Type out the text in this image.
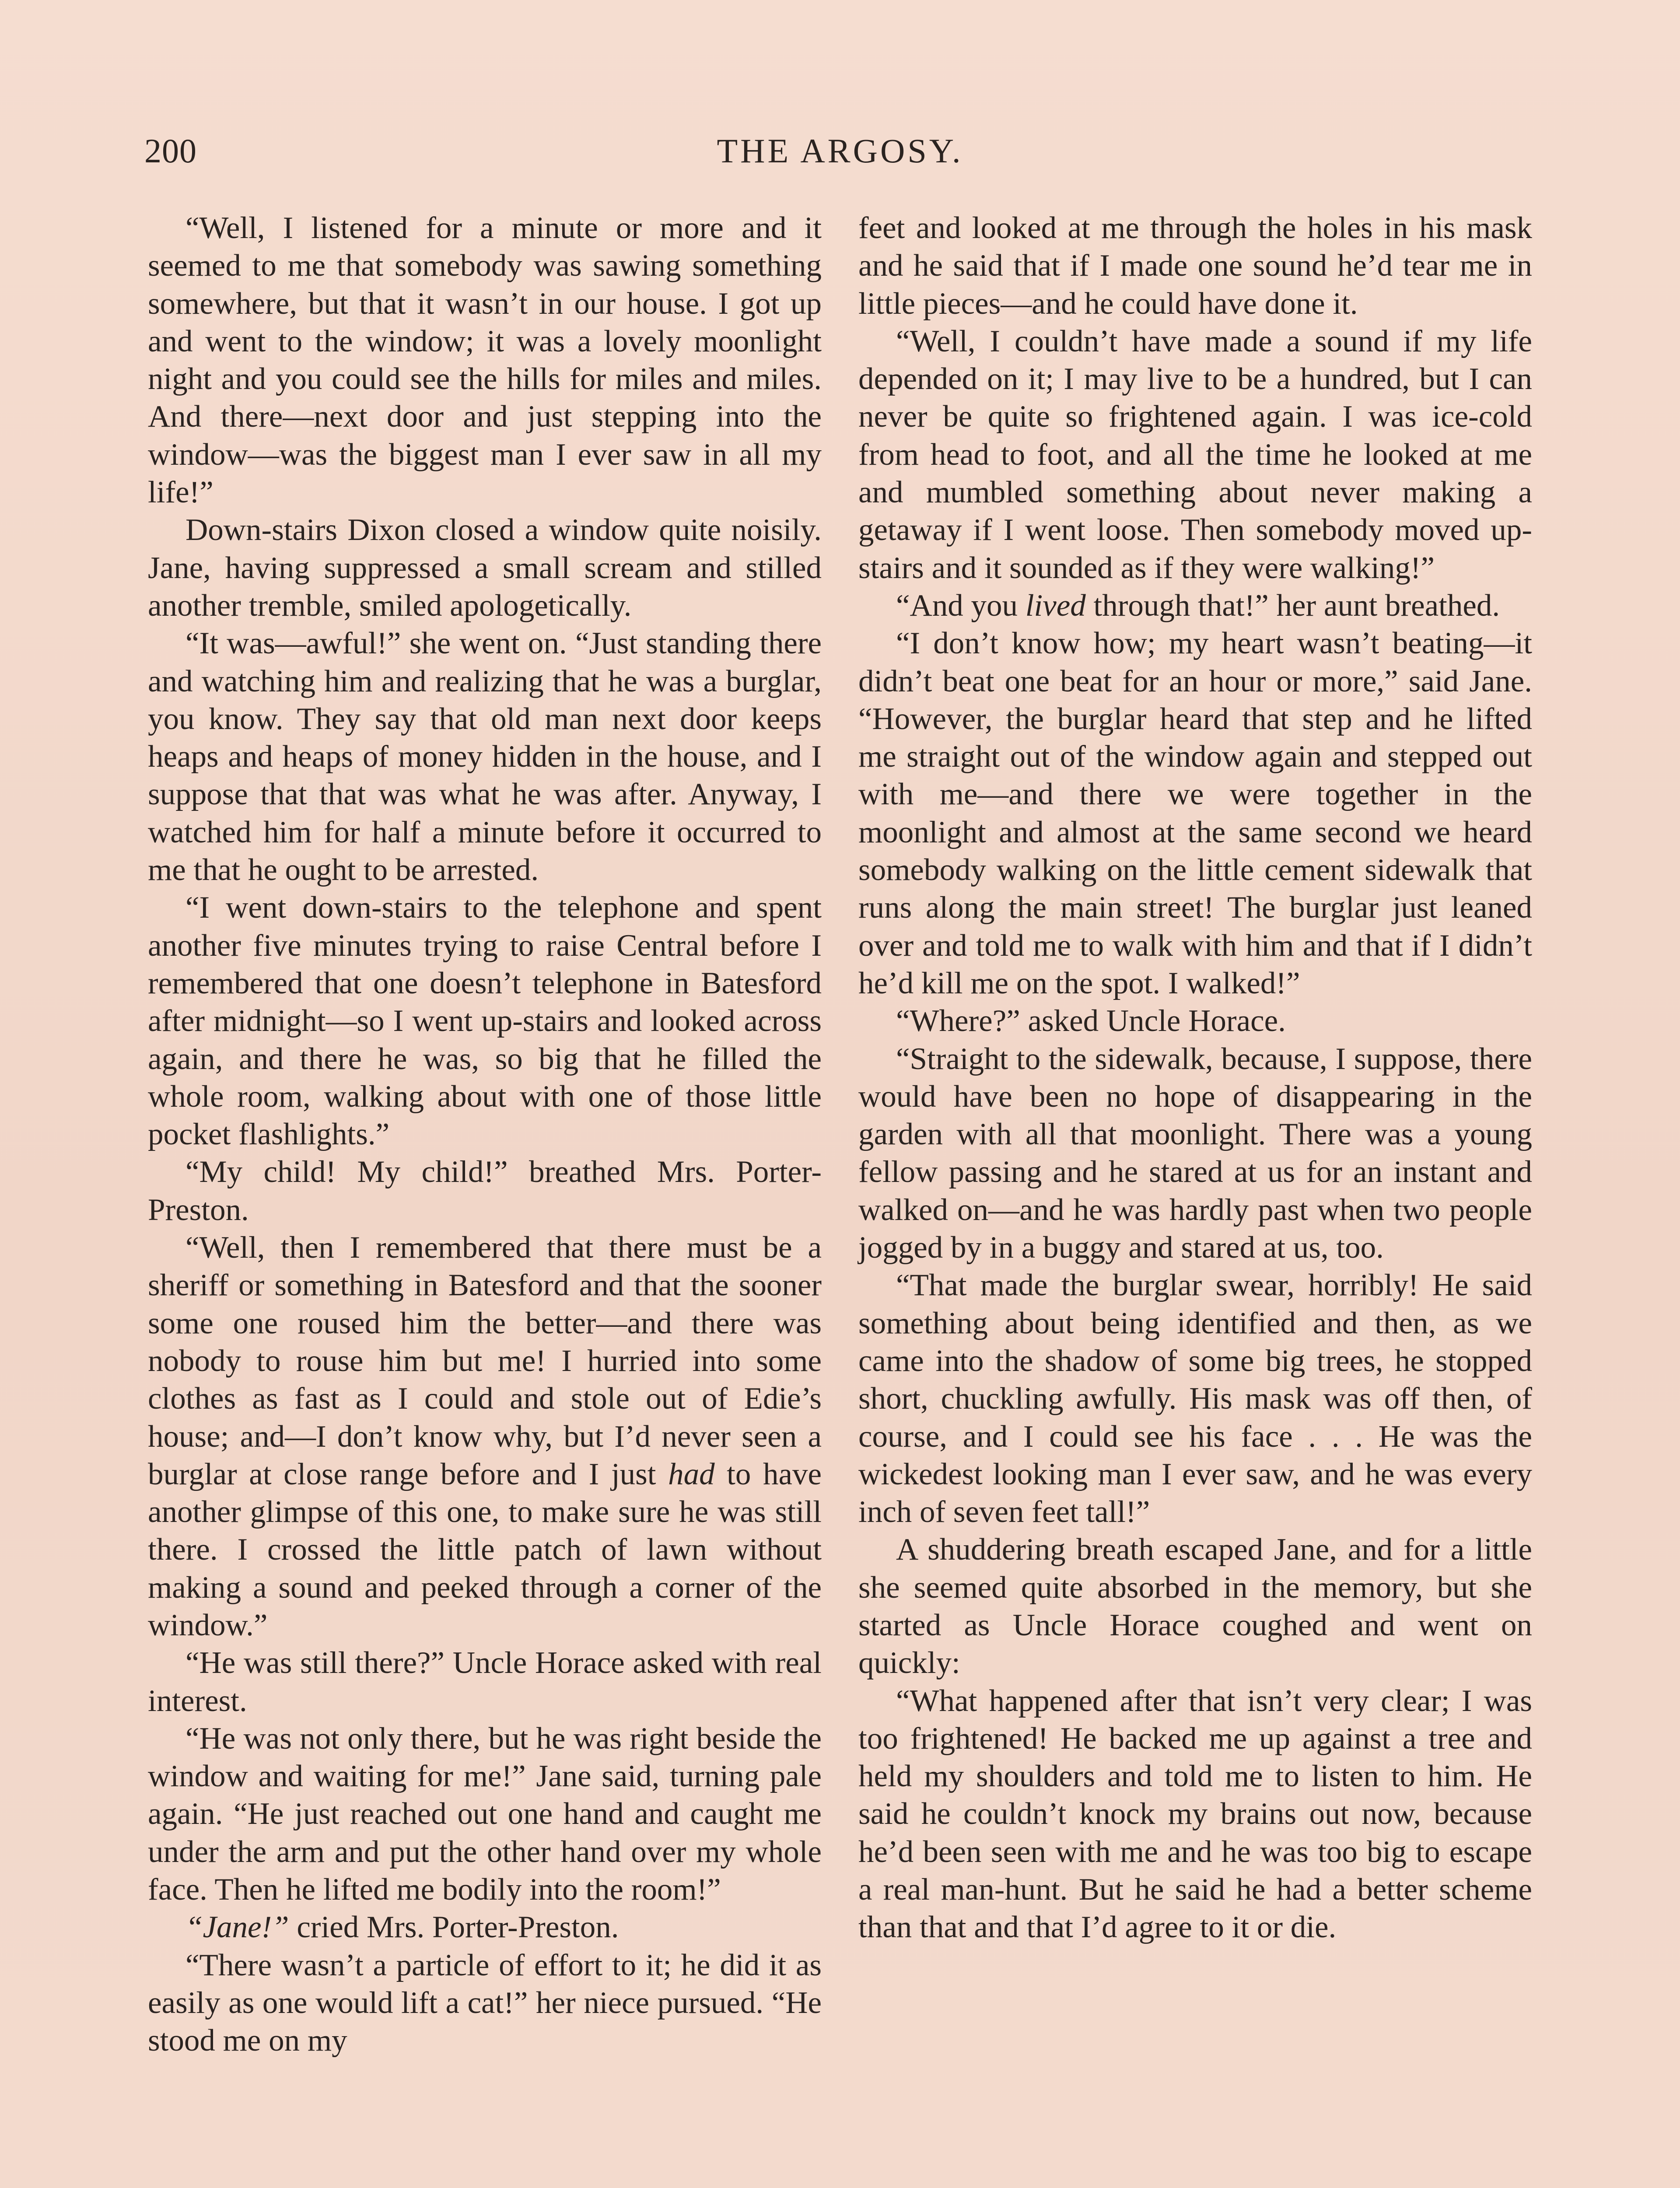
200	THE ARGOSY.

“Well, I listened for a minute or more and it seemed to me that somebody was sawing something somewhere, but that it wasn’t in our house. I got up and went to the window; it was a lovely moonlight night and you could see the hills for miles and miles. And there—next door and just stepping into the window—was the biggest man I ever saw in all my life!”

Down-stairs Dixon closed a window quite noisily. Jane, having suppressed a small scream and stilled another tremble, smiled apologetically.

“It was—awful!” she went on. “Just standing there and watching him and realizing that he was a burglar, you know. They say that old man next door keeps heaps and heaps of money hidden in the house, and I suppose that that was what he was after. Anyway, I watched him for half a minute before it occurred to me that he ought to be arrested.

“I went down-stairs to the telephone and spent another five minutes trying to raise Central before I remembered that one doesn’t telephone in Batesford after midnight—so I went up-stairs and looked across again, and there he was, so big that he filled the whole room, walking about with one of those little pocket flashlights.”

“My child! My child!” breathed Mrs. Porter-Preston.

“Well, then I remembered that there must be a sheriff or something in Batesford and that the sooner some one roused him the better—and there was nobody to rouse him but me! I hurried into some clothes as fast as I could and stole out of Edie’s house; and—I don’t know why, but I’d never seen a burglar at close range before and I just had to have another glimpse of this one, to make sure he was still there. I crossed the little patch of lawn without making a sound and peeked through a corner of the window.”

“He was still there?” Uncle Horace asked with real interest.

“He was not only there, but he was right beside the window and waiting for me!” Jane said, turning pale again. “He just reached out one hand and caught me under the arm and put the other hand over my whole face. Then he lifted me bodily into the room!”

“Jane!” cried Mrs. Porter-Preston.

“There wasn’t a particle of effort to it; he did it as easily as one would lift a cat!” her niece pursued. “He stood me on my

feet and looked at me through the holes in his mask and he said that if I made one sound he’d tear me in little pieces—and he could have done it.

“Well, I couldn’t have made a sound if my life depended on it; I may live to be a hundred, but I can never be quite so frightened again. I was ice-cold from head to foot, and all the time he looked at me and mumbled something about never making a getaway if I went loose. Then somebody moved up-stairs and it sounded as if they were walking!”

“And you lived through that!” her aunt breathed.

“I don’t know how; my heart wasn’t beating—it didn’t beat one beat for an hour or more,” said Jane. “However, the burglar heard that step and he lifted me straight out of the window again and stepped out with me—and there we were together in the moonlight and almost at the same second we heard somebody walking on the little cement sidewalk that runs along the main street! The burglar just leaned over and told me to walk with him and that if I didn’t he’d kill me on the spot. I walked!”

“Where?” asked Uncle Horace.

“Straight to the sidewalk, because, I suppose, there would have been no hope of disappearing in the garden with all that moonlight. There was a young fellow passing and he stared at us for an instant and walked on—and he was hardly past when two people jogged by in a buggy and stared at us, too.

“That made the burglar swear, horribly! He said something about being identified and then, as we came into the shadow of some big trees, he stopped short, chuckling awfully. His mask was off then, of course, and I could see his face . . . He was the wickedest looking man I ever saw, and he was every inch of seven feet tall!”

A shuddering breath escaped Jane, and for a little she seemed quite absorbed in the memory, but she started as Uncle Horace coughed and went on quickly:

“What happened after that isn’t very clear; I was too frightened! He backed me up against a tree and held my shoulders and told me to listen to him. He said he couldn’t knock my brains out now, because he’d been seen with me and he was too big to escape a real man-hunt. But he said he had a better scheme than that and that I’d agree to it or die.
